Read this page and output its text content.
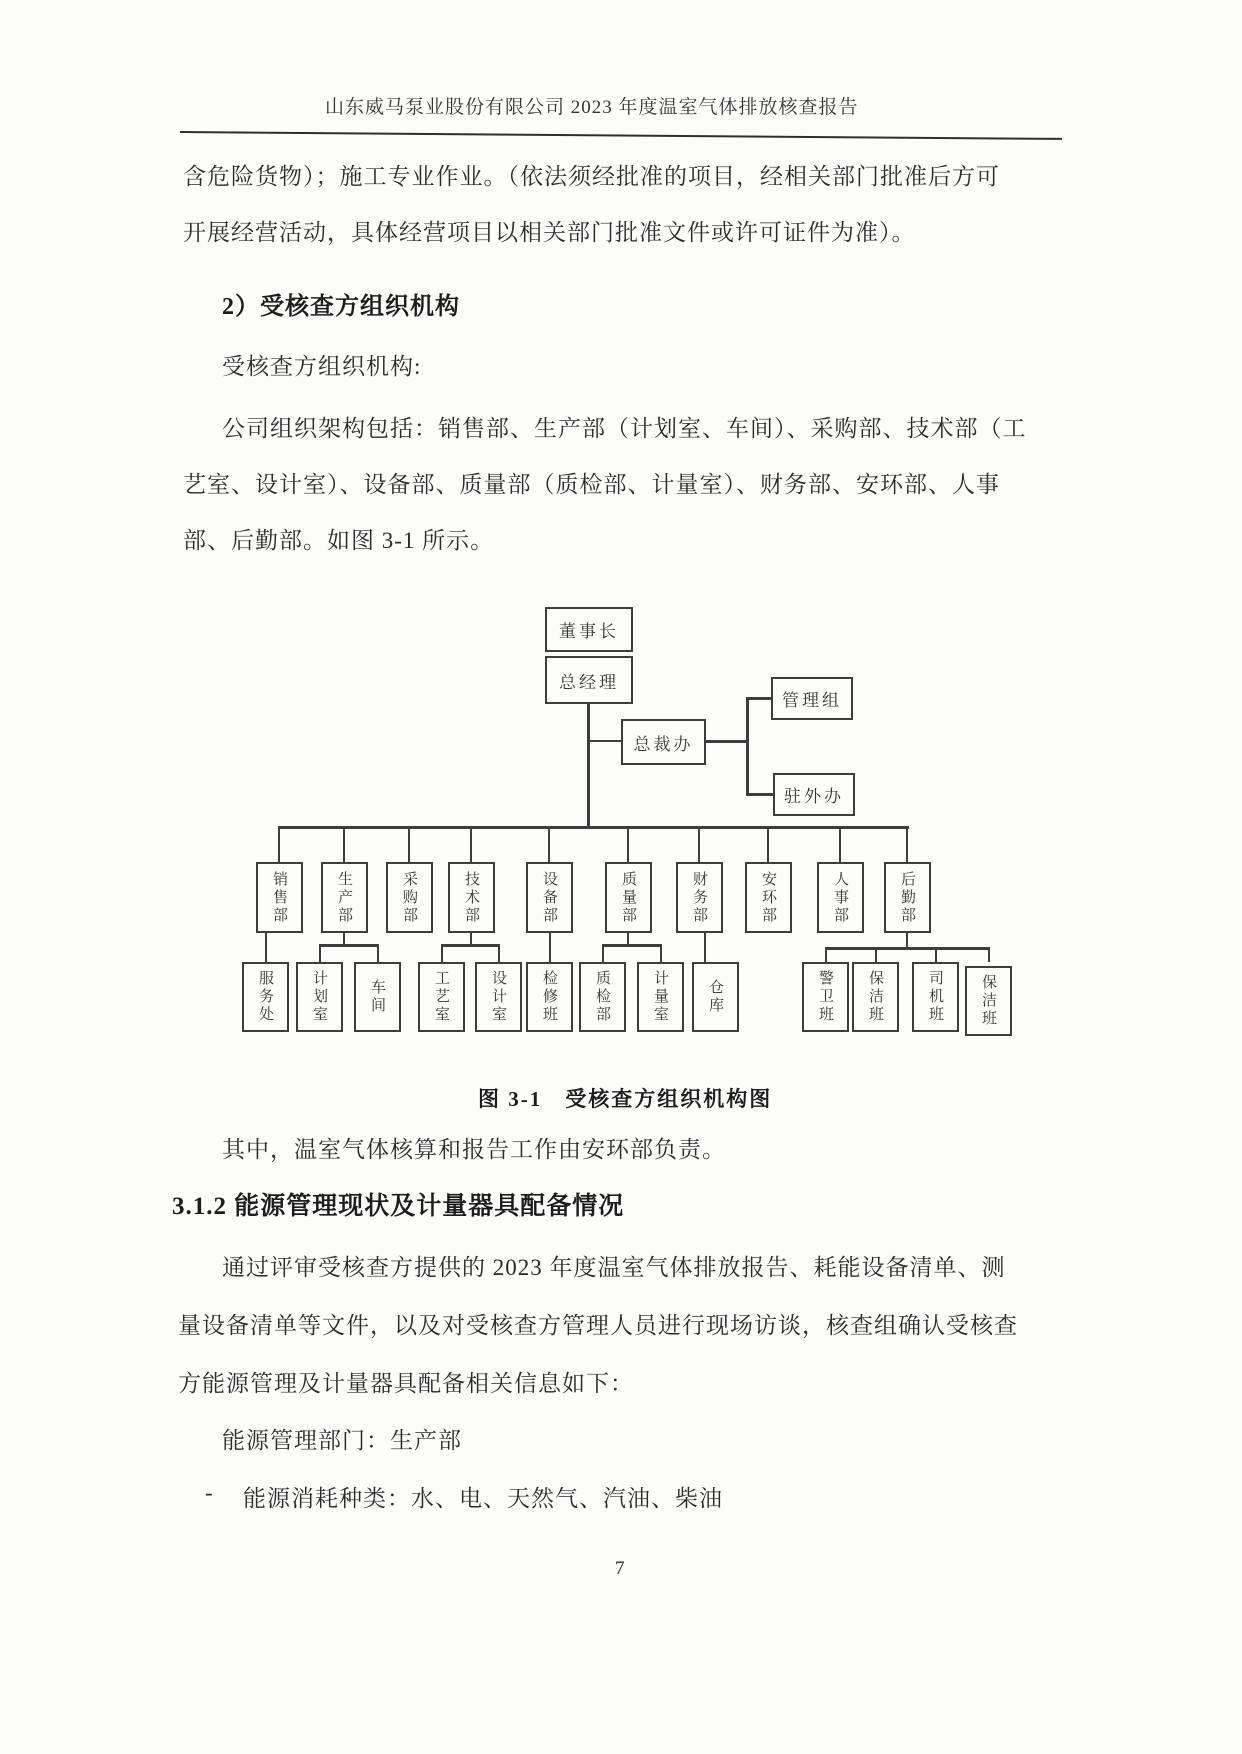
山东威马泵业股份有限公司 2023 年度温室气体排放核查报告
含危险货物）；施工专业作业。（依法须经批准的项目，经相关部门批准后方可
开展经营活动，具体经营项目以相关部门批准文件或许可证件为准）。
2）受核查方组织机构
受核查方组织机构:
公司组织架构包括：销售部、生产部（计划室、车间）、采购部、技术部（工
艺室、设计室）、设备部、质量部（质检部、计量室）、财务部、安环部、人事
部、后勤部。如图 3-1 所示。
董事长
总经理
总裁办
管理组
驻外办
销售部	生产部	采购部	技术部	设备部	质量部	财务部	安环部	人事部	后勤部
服务处	计划室	车间	工艺室	设计室	检修班	质检部	计量室	仓库	警卫班	保洁班	司机班	保洁班
图 3-1　受核查方组织机构图
其中，温室气体核算和报告工作由安环部负责。
3.1.2 能源管理现状及计量器具配备情况
通过评审受核查方提供的 2023 年度温室气体排放报告、耗能设备清单、测
量设备清单等文件，以及对受核查方管理人员进行现场访谈，核查组确认受核查
方能源管理及计量器具配备相关信息如下：
能源管理部门：生产部
- 能源消耗种类：水、电、天然气、汽油、柴油
7
